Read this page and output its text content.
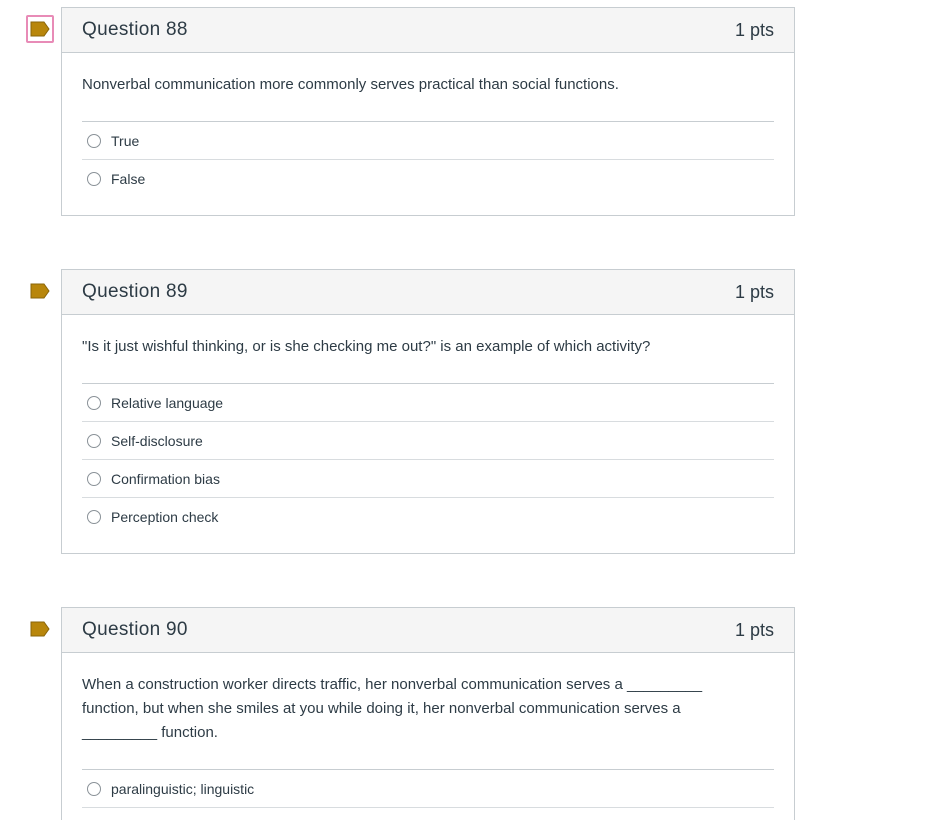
Question 88	1 pts

Nonverbal communication more commonly serves practical than social functions.

True
False
Question 89	1 pts

"Is it just wishful thinking, or is she checking me out?" is an example of which activity?

Relative language
Self-disclosure
Confirmation bias
Perception check
Question 90	1 pts

When a construction worker directs traffic, her nonverbal communication serves a _________ function, but when she smiles at you while doing it, her nonverbal communication serves a _________ function.

paralinguistic; linguistic
